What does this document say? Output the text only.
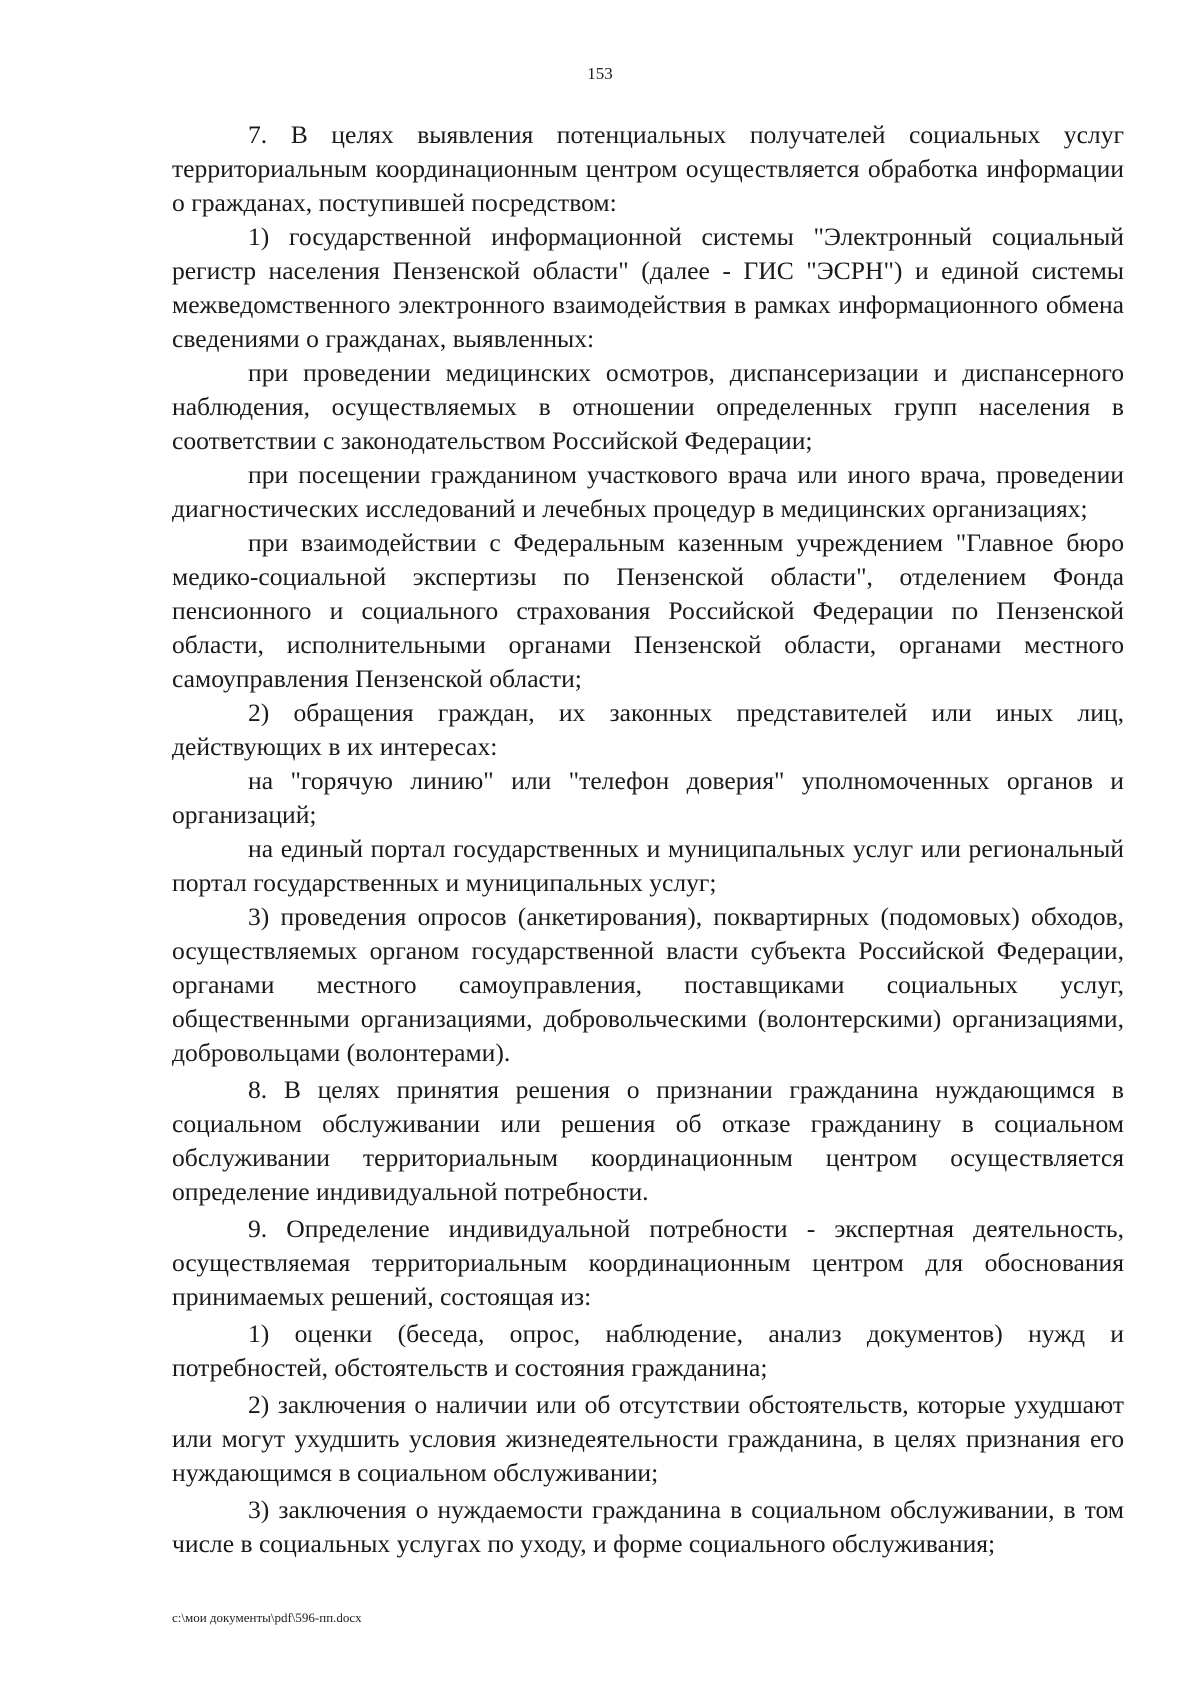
153

7. В целях выявления потенциальных получателей социальных услуг территориальным координационным центром осуществляется обработка информации о гражданах, поступившей посредством:

1) государственной информационной системы "Электронный социальный регистр населения Пензенской области" (далее - ГИС "ЭСРН") и единой системы межведомственного электронного взаимодействия в рамках информационного обмена сведениями о гражданах, выявленных:

при проведении медицинских осмотров, диспансеризации и диспансерного наблюдения, осуществляемых в отношении определенных групп населения в соответствии с законодательством Российской Федерации;

при посещении гражданином участкового врача или иного врача, проведении диагностических исследований и лечебных процедур в медицинских организациях;

при взаимодействии с Федеральным казенным учреждением "Главное бюро медико-социальной экспертизы по Пензенской области", отделением Фонда пенсионного и социального страхования Российской Федерации по Пензенской области, исполнительными органами Пензенской области, органами местного самоуправления Пензенской области;

2) обращения граждан, их законных представителей или иных лиц, действующих в их интересах:

на "горячую линию" или "телефон доверия" уполномоченных органов и организаций;

на единый портал государственных и муниципальных услуг или региональный портал государственных и муниципальных услуг;

3) проведения опросов (анкетирования), поквартирных (подомовых) обходов, осуществляемых органом государственной власти субъекта Российской Федерации, органами местного самоуправления, поставщиками социальных услуг, общественными организациями, добровольческими (волонтерскими) организациями, добровольцами (волонтерами).

8. В целях принятия решения о признании гражданина нуждающимся в социальном обслуживании или решения об отказе гражданину в социальном обслуживании территориальным координационным центром осуществляется определение индивидуальной потребности.

9. Определение индивидуальной потребности - экспертная деятельность, осуществляемая территориальным координационным центром для обоснования принимаемых решений, состоящая из:

1) оценки (беседа, опрос, наблюдение, анализ документов) нужд и потребностей, обстоятельств и состояния гражданина;

2) заключения о наличии или об отсутствии обстоятельств, которые ухудшают или могут ухудшить условия жизнедеятельности гражданина, в целях признания его нуждающимся в социальном обслуживании;

3) заключения о нуждаемости гражданина в социальном обслуживании, в том числе в социальных услугах по уходу, и форме социального обслуживания;

c:\мои документы\pdf\596-пп.docx
